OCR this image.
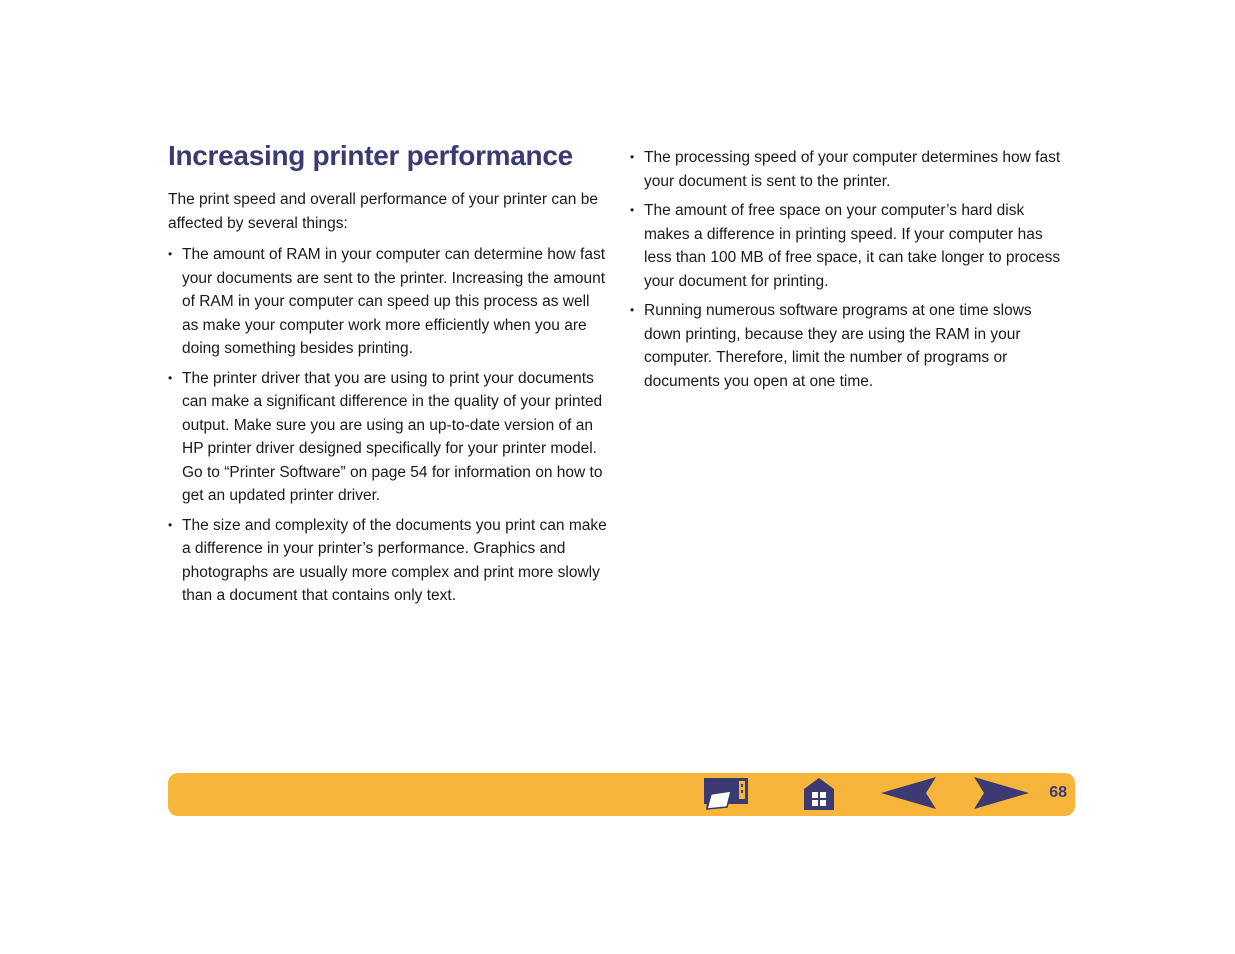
Increasing printer performance

The print speed and overall performance of your printer can be affected by several things:

• The amount of RAM in your computer can determine how fast your documents are sent to the printer. Increasing the amount of RAM in your computer can speed up this process as well as make your computer work more efficiently when you are doing something besides printing.
• The printer driver that you are using to print your documents can make a significant difference in the quality of your printed output. Make sure you are using an up-to-date version of an HP printer driver designed specifically for your printer model. Go to “Printer Software” on page 54 for information on how to get an updated printer driver.
• The size and complexity of the documents you print can make a difference in your printer’s performance. Graphics and photographs are usually more complex and print more slowly than a document that contains only text.
• The processing speed of your computer determines how fast your document is sent to the printer.
• The amount of free space on your computer’s hard disk makes a difference in printing speed. If your computer has less than 100 MB of free space, it can take longer to process your document for printing.
• Running numerous software programs at one time slows down printing, because they are using the RAM in your computer. Therefore, limit the number of programs or documents you open at one time.
68
